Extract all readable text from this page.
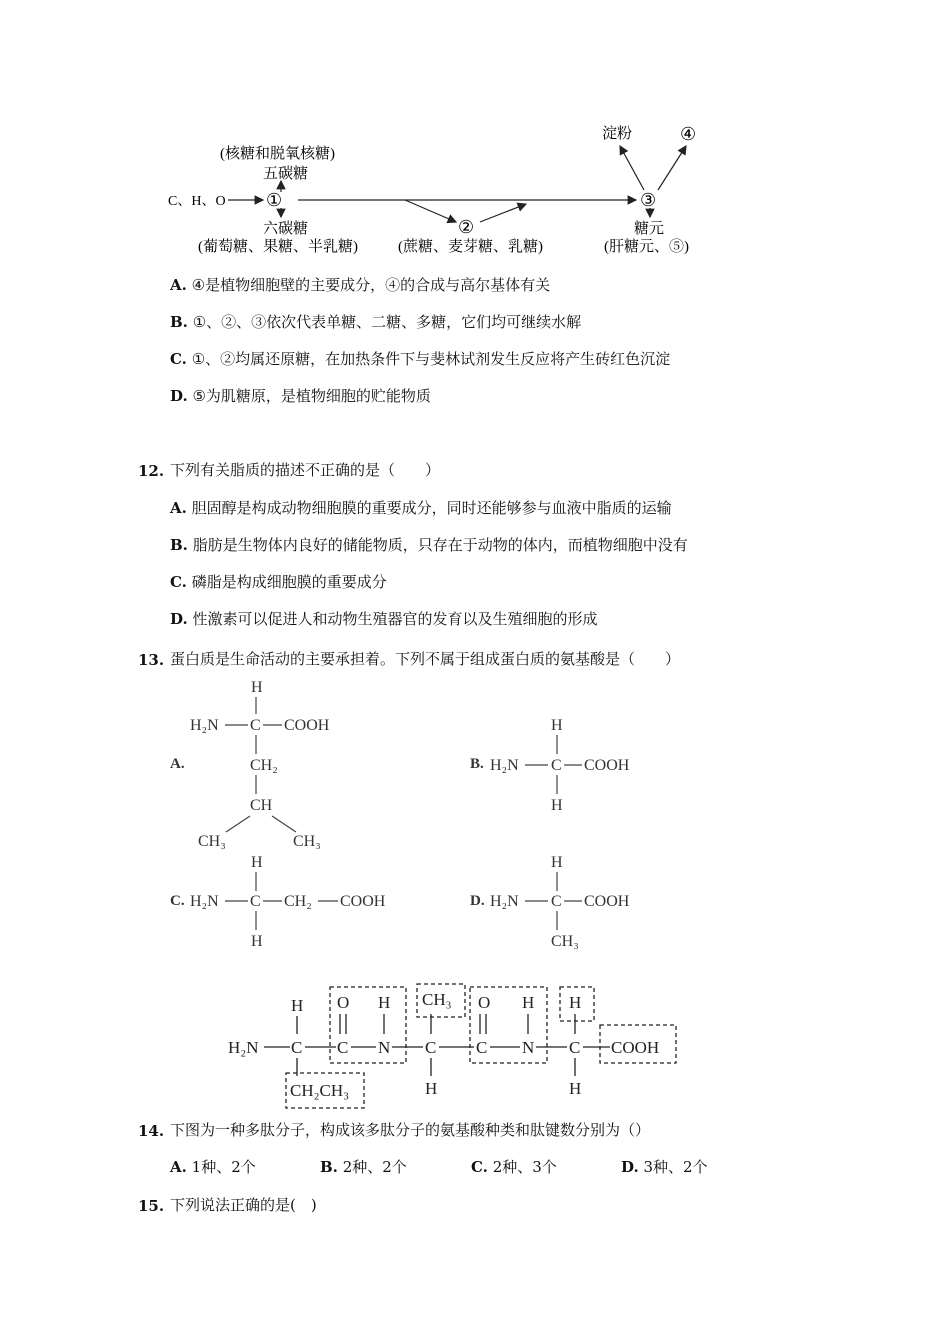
(核糖和脱氧核糖)
五碳糖
C、H、O ①
六碳糖
(葡萄糖、果糖、半乳糖)
②
(蔗糖、麦芽糖、乳糖)
③
淀粉	④
糖元
(肝糖元、⑤)
A. ④是植物细胞壁的主要成分，④的合成与高尔基体有关
B. ①、②、③依次代表单糖、二糖、多糖，它们均可继续水解
C. ①、②均属还原糖，在加热条件下与斐林试剂发生反应将产生砖红色沉淀
D. ⑤为肌糖原，是植物细胞的贮能物质
12. 下列有关脂质的描述不正确的是（　　）
A. 胆固醇是构成动物细胞膜的重要成分，同时还能够参与血液中脂质的运输
B. 脂肪是生物体内良好的储能物质，只存在于动物的体内，而植物细胞中没有
C. 磷脂是构成细胞膜的重要成分
D. 性激素可以促进人和动物生殖器官的发育以及生殖细胞的形成
13. 蛋白质是生命活动的主要承担着。下列不属于组成蛋白质的氨基酸是（　　）
A.
H
H₂N C COOH
CH₂
CH
CH₃	CH₃
B.
H
H₂N C COOH
H
C.
H
H₂N C CH₂ COOH
H
D.
H
H₂N C COOH
CH₃
H₂N C C N C C N C COOH
H O H CH₃ O H H
CH₂CH₃	H	H
14. 下图为一种多肽分子，构成该多肽分子的氨基酸种类和肽键数分别为（）
A. 1种、2个	B. 2种、2个	C. 2种、3个	D. 3种、2个
15. 下列说法正确的是(　)
